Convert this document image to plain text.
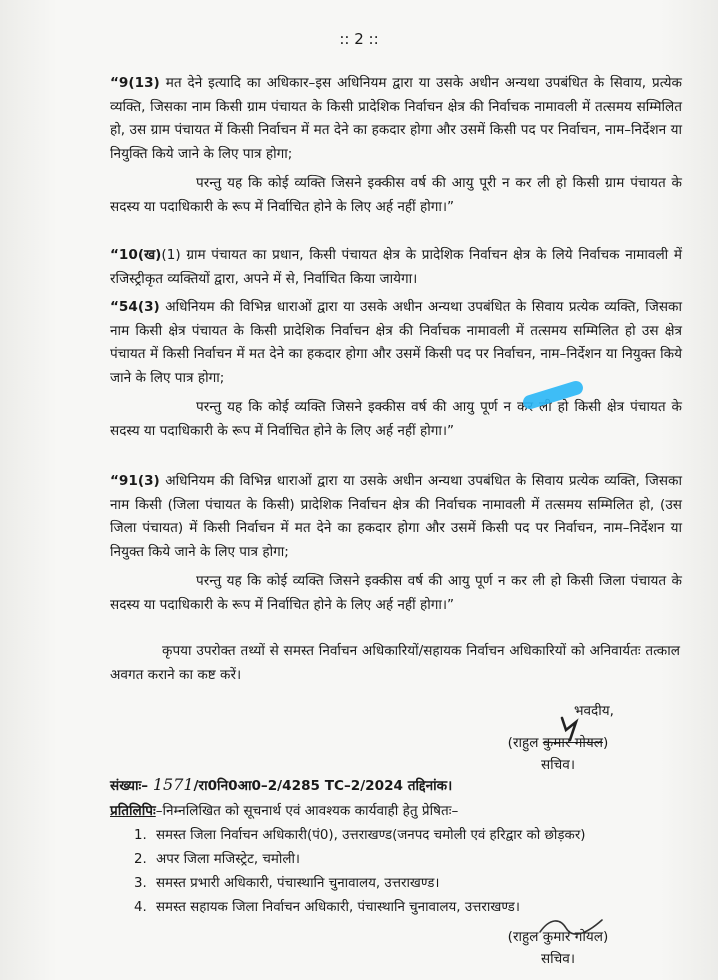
:: 2 ::

“9(13) मत देने इत्यादि का अधिकार–इस अधिनियम द्वारा या उसके अधीन अन्यथा उपबंधित के सिवाय, प्रत्येक व्यक्ति, जिसका नाम किसी ग्राम पंचायत के किसी प्रादेशिक निर्वाचन क्षेत्र की निर्वाचक नामावली में तत्समय सम्मिलित हो, उस ग्राम पंचायत में किसी निर्वाचन में मत देने का हकदार होगा और उसमें किसी पद पर निर्वाचन, नाम–निर्देशन या नियुक्ति किये जाने के लिए पात्र होगा;

परन्तु यह कि कोई व्यक्ति जिसने इक्कीस वर्ष की आयु पूरी न कर ली हो किसी ग्राम पंचायत के सदस्य या पदाधिकारी के रूप में निर्वाचित होने के लिए अर्ह नहीं होगा।”

“10(ख)(1) ग्राम पंचायत का प्रधान, किसी पंचायत क्षेत्र के प्रादेशिक निर्वाचन क्षेत्र के लिये निर्वाचक नामावली में रजिस्ट्रीकृत व्यक्तियों द्वारा, अपने में से, निर्वाचित किया जायेगा।

“54(3) अधिनियम की विभिन्न धाराओं द्वारा या उसके अधीन अन्यथा उपबंधित के सिवाय प्रत्येक व्यक्ति, जिसका नाम किसी क्षेत्र पंचायत के किसी प्रादेशिक निर्वाचन क्षेत्र की निर्वाचक नामावली में तत्समय सम्मिलित हो उस क्षेत्र पंचायत में किसी निर्वाचन में मत देने का हकदार होगा और उसमें किसी पद पर निर्वाचन, नाम–निर्देशन या नियुक्त किये जाने के लिए पात्र होगा;

परन्तु यह कि कोई व्यक्ति जिसने इक्कीस वर्ष की आयु पूर्ण न कर ली हो किसी क्षेत्र पंचायत के सदस्य या पदाधिकारी के रूप में निर्वाचित होने के लिए अर्ह नहीं होगा।”

“91(3) अधिनियम की विभिन्न धाराओं द्वारा या उसके अधीन अन्यथा उपबंधित के सिवाय प्रत्येक व्यक्ति, जिसका नाम किसी (जिला पंचायत के किसी) प्रादेशिक निर्वाचन क्षेत्र की निर्वाचक नामावली में तत्समय सम्मिलित हो, (उस जिला पंचायत) में किसी निर्वाचन में मत देने का हकदार होगा और उसमें किसी पद पर निर्वाचन, नाम–निर्देशन या नियुक्त किये जाने के लिए पात्र होगा;

परन्तु यह कि कोई व्यक्ति जिसने इक्कीस वर्ष की आयु पूर्ण न कर ली हो किसी जिला पंचायत के सदस्य या पदाधिकारी के रूप में निर्वाचित होने के लिए अर्ह नहीं होगा।”

कृपया उपरोक्त तथ्यों से समस्त निर्वाचन अधिकारियों/सहायक निर्वाचन अधिकारियों को अनिवार्यतः तत्काल अवगत कराने का कष्ट करें।
भवदीय,
(राहुल कुमार गोयल)
सचिव।
संख्याः– 1571/रा0नि0आ0–2/4285 TC–2/2024 तद्दिनांक।
प्रतिलिपिः–निम्नलिखित को सूचनार्थ एवं आवश्यक कार्यवाही हेतु प्रेषितः–
1. समस्त जिला निर्वाचन अधिकारी(पं0), उत्तराखण्ड(जनपद चमोली एवं हरिद्वार को छोड़कर)
2. अपर जिला मजिस्ट्रेट, चमोली।
3. समस्त प्रभारी अधिकारी, पंचास्थानि चुनावालय, उत्तराखण्ड।
4. समस्त सहायक जिला निर्वाचन अधिकारी, पंचास्थानि चुनावालय, उत्तराखण्ड।
(राहुल कुमार गोयल)
सचिव।
